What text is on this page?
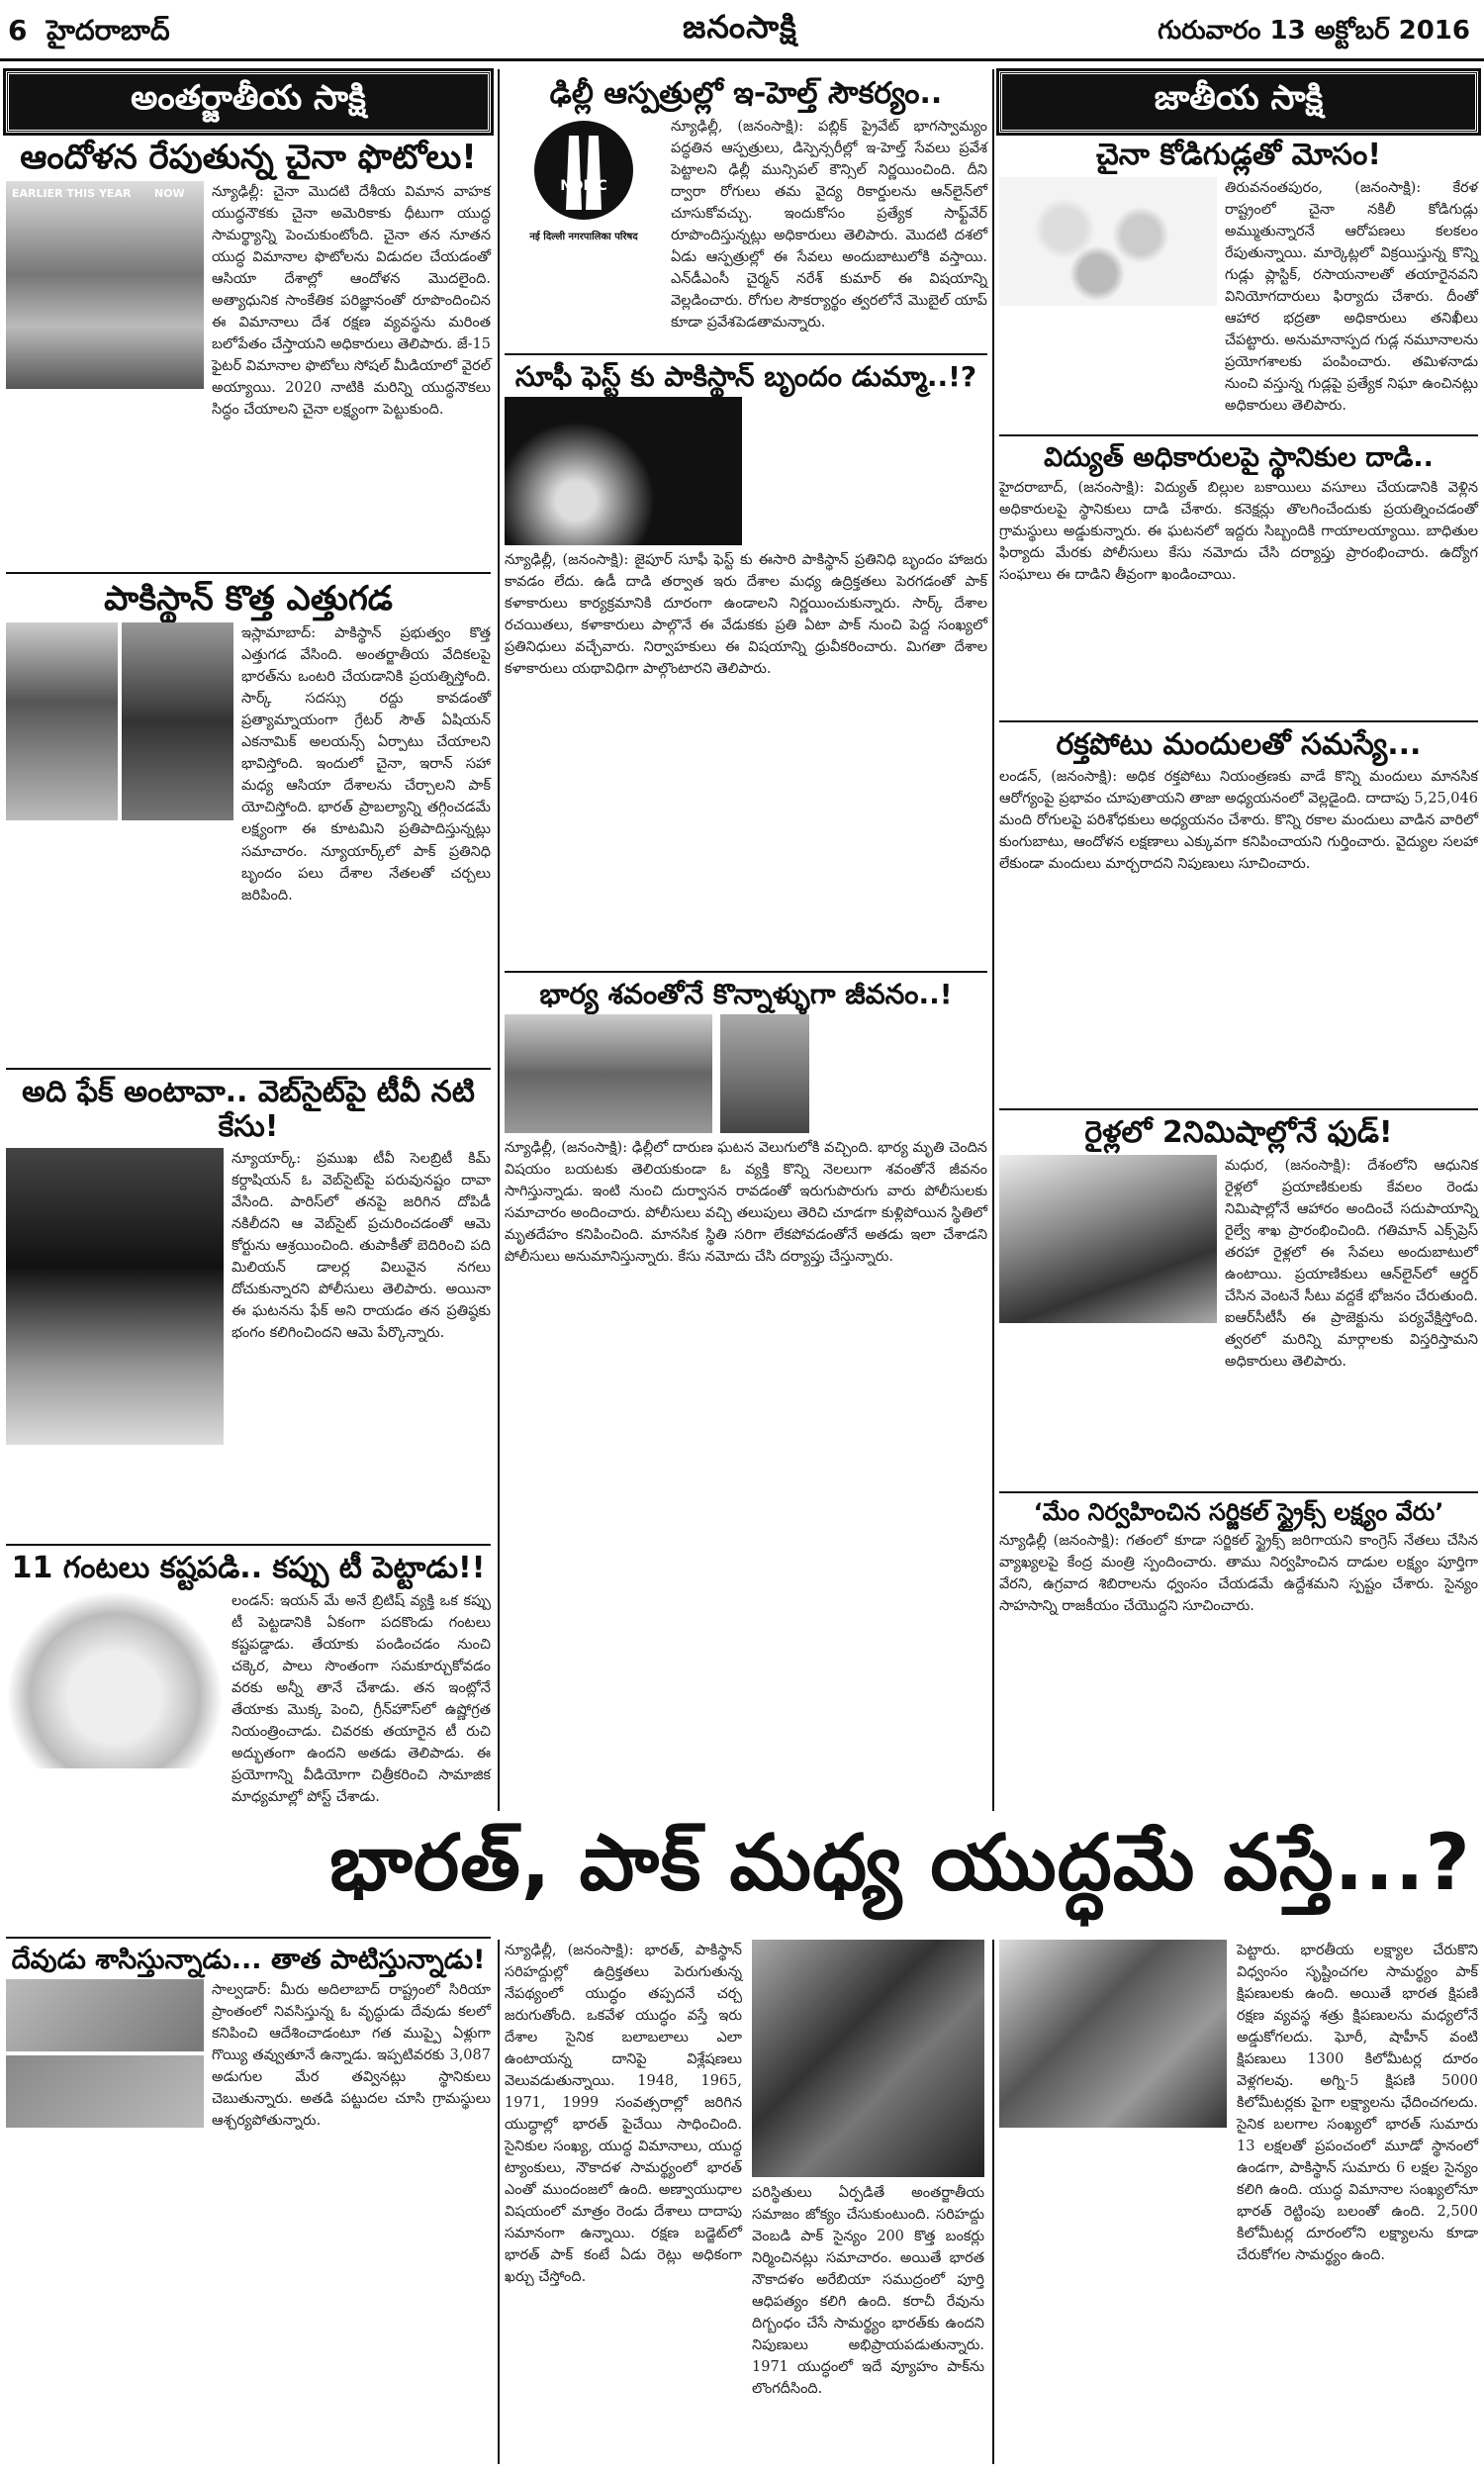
6 హైదరాబాద్	జనంసాక్షి	గురువారం 13 అక్టోబర్ 2016
అంతర్జాతీయ సాక్షి
ఆందోళన రేపుతున్న చైనా ఫొటోలు!
EARLIER THIS YEAR NOW న్యూఢిల్లీ: చైనా మొదటి దేశీయ విమాన వాహక యుద్ధనౌకకు చైనా అమెరికాకు ధీటుగా యుద్ధ సామర్థ్యాన్ని పెంచుకుంటోంది. చైనా తన నూతన యుద్ధ విమానాల ఫొటోలను విడుదల చేయడంతో ఆసియా దేశాల్లో ఆందోళన మొదలైంది. అత్యాధునిక సాంకేతిక పరిజ్ఞానంతో రూపొందించిన ఈ విమానాలు దేశ రక్షణ వ్యవస్థను మరింత బలోపేతం చేస్తాయని అధికారులు తెలిపారు. జే-15 ఫైటర్ విమానాల ఫొటోలు సోషల్ మీడియాలో వైరల్ అయ్యాయి. 2020 నాటికి మరిన్ని యుద్ధనౌకలు సిద్ధం చేయాలని చైనా లక్ష్యంగా పెట్టుకుంది.
పాకిస్థాన్ కొత్త ఎత్తుగడ
ఇస్లామాబాద్: పాకిస్థాన్ ప్రభుత్వం కొత్త ఎత్తుగడ వేసింది. అంతర్జాతీయ వేదికలపై భారత్‌ను ఒంటరి చేయడానికి ప్రయత్నిస్తోంది. సార్క్ సదస్సు రద్దు కావడంతో ప్రత్యామ్నాయంగా గ్రేటర్ సౌత్ ఏషియన్ ఎకనామిక్ అలయన్స్ ఏర్పాటు చేయాలని భావిస్తోంది. ఇందులో చైనా, ఇరాన్ సహా మధ్య ఆసియా దేశాలను చేర్చాలని పాక్ యోచిస్తోంది. భారత్ ప్రాబల్యాన్ని తగ్గించడమే లక్ష్యంగా ఈ కూటమిని ప్రతిపాదిస్తున్నట్లు సమాచారం. న్యూయార్క్‌లో పాక్ ప్రతినిధి బృందం పలు దేశాల నేతలతో చర్చలు జరిపింది.
అది ఫేక్ అంటావా.. వెబ్‌సైట్‌పై టీవీ నటి కేసు!
న్యూయార్క్: ప్రముఖ టీవీ సెలబ్రిటీ కిమ్ కర్దాషియన్ ఓ వెబ్‌సైట్‌పై పరువునష్టం దావా వేసింది. పారిస్‌లో తనపై జరిగిన దోపిడీ నకిలీదని ఆ వెబ్‌సైట్ ప్రచురించడంతో ఆమె కోర్టును ఆశ్రయించింది. తుపాకీతో బెదిరించి పది మిలియన్ డాలర్ల విలువైన నగలు దోచుకున్నారని పోలీసులు తెలిపారు. అయినా ఈ ఘటనను ఫేక్ అని రాయడం తన ప్రతిష్ఠకు భంగం కలిగించిందని ఆమె పేర్కొన్నారు.
11 గంటలు కష్టపడి.. కప్పు టీ పెట్టాడు!!
లండన్: ఇయన్ మే అనే బ్రిటిష్ వ్యక్తి ఒక కప్పు టీ పెట్టడానికి ఏకంగా పదకొండు గంటలు కష్టపడ్డాడు. తేయాకు పండించడం నుంచి చక్కెర, పాలు సొంతంగా సమకూర్చుకోవడం వరకు అన్నీ తానే చేశాడు. తన ఇంట్లోనే తేయాకు మొక్క పెంచి, గ్రీన్‌హౌస్‌లో ఉష్ణోగ్రత నియంత్రించాడు. చివరకు తయారైన టీ రుచి అద్భుతంగా ఉందని అతడు తెలిపాడు. ఈ ప్రయోగాన్ని వీడియోగా చిత్రీకరించి సామాజిక మాధ్యమాల్లో పోస్ట్ చేశాడు.
దేవుడు శాసిస్తున్నాడు... తాత పాటిస్తున్నాడు!
సాల్వడార్: మీరు అదిలాబాద్ రాష్ట్రంలో సిరియా ప్రాంతంలో నివసిస్తున్న ఓ వృద్ధుడు దేవుడు కలలో కనిపించి ఆదేశించాడంటూ గత ముప్పై ఏళ్లుగా గొయ్యి తవ్వుతూనే ఉన్నాడు. ఇప్పటివరకు 3,087 అడుగుల మేర తవ్వినట్లు స్థానికులు చెబుతున్నారు. అతడి పట్టుదల చూసి గ్రామస్థులు ఆశ్చర్యపోతున్నారు.
ఢిల్లీ ఆస్పత్రుల్లో ఇ-హెల్త్ సౌకర్యం..
NDMC
नई दिल्ली नगरपालिका परिषद
న్యూఢిల్లీ, (జనంసాక్షి): పబ్లిక్ ప్రైవేట్ భాగస్వామ్యం పద్ధతిన ఆస్పత్రులు, డిస్పెన్సరీల్లో ఇ-హెల్త్ సేవలు ప్రవేశ పెట్టాలని ఢిల్లీ మున్సిపల్ కౌన్సిల్ నిర్ణయించింది. దీని ద్వారా రోగులు తమ వైద్య రికార్డులను ఆన్‌లైన్‌లో చూసుకోవచ్చు. ఇందుకోసం ప్రత్యేక సాఫ్ట్‌వేర్ రూపొందిస్తున్నట్లు అధికారులు తెలిపారు. మొదటి దశలో ఏడు ఆస్పత్రుల్లో ఈ సేవలు అందుబాటులోకి వస్తాయి. ఎన్‌డీఎంసీ చైర్మన్ నరేశ్ కుమార్ ఈ విషయాన్ని వెల్లడించారు. రోగుల సౌకర్యార్థం త్వరలోనే మొబైల్ యాప్ కూడా ప్రవేశపెడతామన్నారు.
సూఫీ ఫెస్ట్ కు పాకిస్థాన్ బృందం డుమ్మా..!?
న్యూఢిల్లీ, (జనంసాక్షి): జైపూర్ సూఫీ ఫెస్ట్ కు ఈసారి పాకిస్థాన్ ప్రతినిధి బృందం హాజరు కావడం లేదు. ఉడీ దాడి తర్వాత ఇరు దేశాల మధ్య ఉద్రిక్తతలు పెరగడంతో పాక్ కళాకారులు కార్యక్రమానికి దూరంగా ఉండాలని నిర్ణయించుకున్నారు. సార్క్ దేశాల రచయితలు, కళాకారులు పాల్గొనే ఈ వేడుకకు ప్రతి ఏటా పాక్ నుంచి పెద్ద సంఖ్యలో ప్రతినిధులు వచ్చేవారు. నిర్వాహకులు ఈ విషయాన్ని ధ్రువీకరించారు. మిగతా దేశాల కళాకారులు యథావిధిగా పాల్గొంటారని తెలిపారు.
భార్య శవంతోనే కొన్నాళ్ళుగా జీవనం..!
న్యూఢిల్లీ, (జనంసాక్షి): ఢిల్లీలో దారుణ ఘటన వెలుగులోకి వచ్చింది. భార్య మృతి చెందిన విషయం బయటకు తెలియకుండా ఓ వ్యక్తి కొన్ని నెలలుగా శవంతోనే జీవనం సాగిస్తున్నాడు. ఇంటి నుంచి దుర్వాసన రావడంతో ఇరుగుపొరుగు వారు పోలీసులకు సమాచారం అందించారు. పోలీసులు వచ్చి తలుపులు తెరిచి చూడగా కుళ్లిపోయిన స్థితిలో మృతదేహం కనిపించింది. మానసిక స్థితి సరిగా లేకపోవడంతోనే అతడు ఇలా చేశాడని పోలీసులు అనుమానిస్తున్నారు. కేసు నమోదు చేసి దర్యాప్తు చేస్తున్నారు.
జాతీయ సాక్షి
చైనా కోడిగుడ్లతో మోసం!
తిరువనంతపురం, (జనంసాక్షి): కేరళ రాష్ట్రంలో చైనా నకిలీ కోడిగుడ్లు అమ్ముతున్నారనే ఆరోపణలు కలకలం రేపుతున్నాయి. మార్కెట్లలో విక్రయిస్తున్న కొన్ని గుడ్లు ప్లాస్టిక్, రసాయనాలతో తయారైనవని వినియోగదారులు ఫిర్యాదు చేశారు. దీంతో ఆహార భద్రతా అధికారులు తనిఖీలు చేపట్టారు. అనుమానాస్పద గుడ్ల నమూనాలను ప్రయోగశాలకు పంపించారు. తమిళనాడు నుంచి వస్తున్న గుడ్లపై ప్రత్యేక నిఘా ఉంచినట్లు అధికారులు తెలిపారు.
విద్యుత్ అధికారులపై స్థానికుల దాడి..
హైదరాబాద్, (జనంసాక్షి): విద్యుత్ బిల్లుల బకాయిలు వసూలు చేయడానికి వెళ్లిన అధికారులపై స్థానికులు దాడి చేశారు. కనెక్షన్లు తొలగించేందుకు ప్రయత్నించడంతో గ్రామస్థులు అడ్డుకున్నారు. ఈ ఘటనలో ఇద్దరు సిబ్బందికి గాయాలయ్యాయి. బాధితుల ఫిర్యాదు మేరకు పోలీసులు కేసు నమోదు చేసి దర్యాప్తు ప్రారంభించారు. ఉద్యోగ సంఘాలు ఈ దాడిని తీవ్రంగా ఖండించాయి.
రక్తపోటు మందులతో సమస్యే...
లండన్, (జనంసాక్షి): అధిక రక్తపోటు నియంత్రణకు వాడే కొన్ని మందులు మానసిక ఆరోగ్యంపై ప్రభావం చూపుతాయని తాజా అధ్యయనంలో వెల్లడైంది. దాదాపు 5,25,046 మంది రోగులపై పరిశోధకులు అధ్యయనం చేశారు. కొన్ని రకాల మందులు వాడిన వారిలో కుంగుబాటు, ఆందోళన లక్షణాలు ఎక్కువగా కనిపించాయని గుర్తించారు. వైద్యుల సలహా లేకుండా మందులు మార్చరాదని నిపుణులు సూచించారు.
రైళ్లలో 2నిమిషాల్లోనే ఫుడ్!
మధుర, (జనంసాక్షి): దేశంలోని ఆధునిక రైళ్లలో ప్రయాణికులకు కేవలం రెండు నిమిషాల్లోనే ఆహారం అందించే సదుపాయాన్ని రైల్వే శాఖ ప్రారంభించింది. గతిమాన్ ఎక్స్‌ప్రెస్ తరహా రైళ్లలో ఈ సేవలు అందుబాటులో ఉంటాయి. ప్రయాణికులు ఆన్‌లైన్‌లో ఆర్డర్ చేసిన వెంటనే సీటు వద్దకే భోజనం చేరుతుంది. ఐఆర్‌సీటీసీ ఈ ప్రాజెక్టును పర్యవేక్షిస్తోంది. త్వరలో మరిన్ని మార్గాలకు విస్తరిస్తామని అధికారులు తెలిపారు.
‘మేం నిర్వహించిన సర్జికల్ స్ట్రైక్స్ లక్ష్యం వేరు’
న్యూఢిల్లీ (జనంసాక్షి): గతంలో కూడా సర్జికల్ స్ట్రైక్స్ జరిగాయని కాంగ్రెస్ నేతలు చేసిన వ్యాఖ్యలపై కేంద్ర మంత్రి స్పందించారు. తాము నిర్వహించిన దాడుల లక్ష్యం పూర్తిగా వేరని, ఉగ్రవాద శిబిరాలను ధ్వంసం చేయడమే ఉద్దేశమని స్పష్టం చేశారు. సైన్యం సాహసాన్ని రాజకీయం చేయొద్దని సూచించారు.
భారత్, పాక్ మధ్య యుద్ధమే వస్తే...?
న్యూఢిల్లీ, (జనంసాక్షి): భారత్, పాకిస్థాన్ సరిహద్దుల్లో ఉద్రిక్తతలు పెరుగుతున్న నేపథ్యంలో యుద్ధం తప్పదనే చర్చ జరుగుతోంది. ఒకవేళ యుద్ధం వస్తే ఇరు దేశాల సైనిక బలాబలాలు ఎలా ఉంటాయన్న దానిపై విశ్లేషణలు వెలువడుతున్నాయి. 1948, 1965, 1971, 1999 సంవత్సరాల్లో జరిగిన యుద్ధాల్లో భారత్ పైచేయి సాధించింది. సైనికుల సంఖ్య, యుద్ధ విమానాలు, యుద్ధ ట్యాంకులు, నౌకాదళ సామర్థ్యంలో భారత్ ఎంతో ముందంజలో ఉంది. అణ్వాయుధాల విషయంలో మాత్రం రెండు దేశాలు దాదాపు సమానంగా ఉన్నాయి. రక్షణ బడ్జెట్‌లో భారత్ పాక్ కంటే ఏడు రెట్లు అధికంగా ఖర్చు చేస్తోంది.
పరిస్థితులు ఏర్పడితే అంతర్జాతీయ సమాజం జోక్యం చేసుకుంటుంది. సరిహద్దు వెంబడి పాక్ సైన్యం 200 కొత్త బంకర్లు నిర్మించినట్లు సమాచారం. అయితే భారత నౌకాదళం అరేబియా సముద్రంలో పూర్తి ఆధిపత్యం కలిగి ఉంది. కరాచీ రేవును దిగ్బంధం చేసే సామర్థ్యం భారత్‌కు ఉందని నిపుణులు అభిప్రాయపడుతున్నారు. 1971 యుద్ధంలో ఇదే వ్యూహం పాక్‌ను లొంగదీసింది.
పెట్టారు. భారతీయ లక్ష్యాల చేరుకొని విధ్వంసం సృష్టించగల సామర్థ్యం పాక్ క్షిపణులకు ఉంది. అయితే భారత క్షిపణి రక్షణ వ్యవస్థ శత్రు క్షిపణులను మధ్యలోనే అడ్డుకోగలదు. ఘోరీ, షాహీన్ వంటి క్షిపణులు 1300 కిలోమీటర్ల దూరం వెళ్లగలవు. అగ్ని-5 క్షిపణి 5000 కిలోమీటర్లకు పైగా లక్ష్యాలను ఛేదించగలదు. సైనిక బలగాల సంఖ్యలో భారత్ సుమారు 13 లక్షలతో ప్రపంచంలో మూడో స్థానంలో ఉండగా, పాకిస్థాన్ సుమారు 6 లక్షల సైన్యం కలిగి ఉంది. యుద్ధ విమానాల సంఖ్యలోనూ భారత్ రెట్టింపు బలంతో ఉంది. 2,500 కిలోమీటర్ల దూరంలోని లక్ష్యాలను కూడా చేరుకోగల సామర్థ్యం ఉంది.
